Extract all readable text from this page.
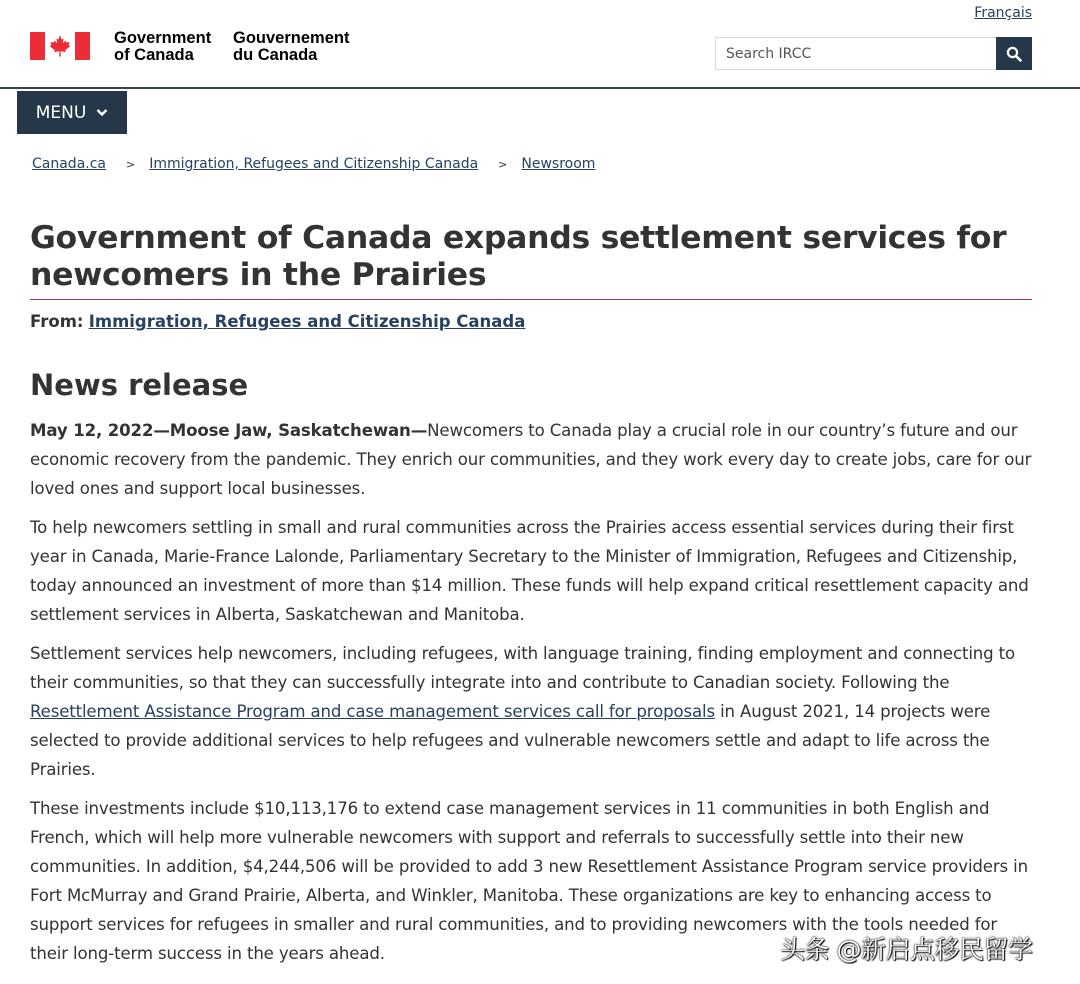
Français
Government
of Canada
Gouvernement
du Canada
Search IRCC
MENU
Canada.ca > Immigration, Refugees and Citizenship Canada > Newsroom
Government of Canada expands settlement services for newcomers in the Prairies
From: Immigration, Refugees and Citizenship Canada
News release

May 12, 2022—Moose Jaw, Saskatchewan—Newcomers to Canada play a crucial role in our country’s future and our economic recovery from the pandemic. They enrich our communities, and they work every day to create jobs, care for our loved ones and support local businesses.

To help newcomers settling in small and rural communities across the Prairies access essential services during their first year in Canada, Marie-France Lalonde, Parliamentary Secretary to the Minister of Immigration, Refugees and Citizenship, today announced an investment of more than $14 million. These funds will help expand critical resettlement capacity and settlement services in Alberta, Saskatchewan and Manitoba.

Settlement services help newcomers, including refugees, with language training, finding employment and connecting to their communities, so that they can successfully integrate into and contribute to Canadian society. Following the Resettlement Assistance Program and case management services call for proposals in August 2021, 14 projects were selected to provide additional services to help refugees and vulnerable newcomers settle and adapt to life across the Prairies.

These investments include $10,113,176 to extend case management services in 11 communities in both English and French, which will help more vulnerable newcomers with support and referrals to successfully settle into their new communities. In addition, $4,244,506 will be provided to add 3 new Resettlement Assistance Program service providers in Fort McMurray and Grand Prairie, Alberta, and Winkler, Manitoba. These organizations are key to enhancing access to support services for refugees in smaller and rural communities, and to providing newcomers with the tools needed for their long-term success in the years ahead.	头条 @新启点移民留学
